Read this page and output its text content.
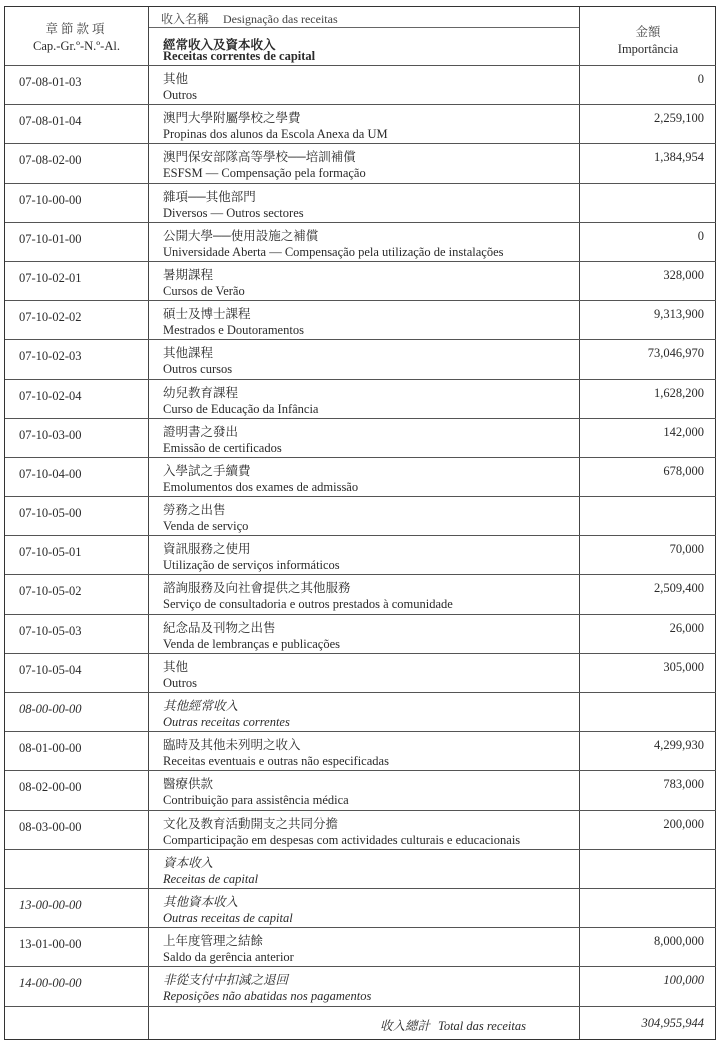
章節款項
Cap.-Gr.º-N.º-Al.
收入名稱 Designação das receitas
經常收入及資本收入
Receitas correntes de capital
金額
Importância
07-08-01-03	其他
Outros
0
07-08-01-04	澳門大學附屬學校之學費
Propinas dos alunos da Escola Anexa da UM
2,259,100
07-08-02-00	澳門保安部隊高等學校──培訓補償
ESFSM — Compensação pela formação
1,384,954
07-10-00-00	雜項──其他部門
Diversos — Outros sectores
07-10-01-00	公開大學──使用設施之補償
Universidade Aberta — Compensação pela utilização de instalações
0
07-10-02-01	暑期課程
Cursos de Verão
328,000
07-10-02-02	碩士及博士課程
Mestrados e Doutoramentos
9,313,900
07-10-02-03	其他課程
Outros cursos
73,046,970
07-10-02-04	幼兒教育課程
Curso de Educação da Infância
1,628,200
07-10-03-00	證明書之發出
Emissão de certificados
142,000
07-10-04-00	入學試之手續費
Emolumentos dos exames de admissão
678,000
07-10-05-00	勞務之出售
Venda de serviço
07-10-05-01	資訊服務之使用
Utilização de serviços informáticos
70,000
07-10-05-02	諮詢服務及向社會提供之其他服務
Serviço de consultadoria e outros prestados à comunidade
2,509,400
07-10-05-03	紀念品及刊物之出售
Venda de lembranças e publicações
26,000
07-10-05-04	其他
Outros
305,000
08-00-00-00	其他經常收入
Outras receitas correntes
08-01-00-00	臨時及其他未列明之收入
Receitas eventuais e outras não especificadas
4,299,930
08-02-00-00	醫療供款
Contribuição para assistência médica
783,000
08-03-00-00	文化及教育活動開支之共同分擔
Comparticipação em despesas com actividades culturais e educacionais
200,000
資本收入
Receitas de capital
13-00-00-00	其他資本收入
Outras receitas de capital
13-01-00-00	上年度管理之結餘
Saldo da gerência anterior
8,000,000
14-00-00-00	非從支付中扣減之退回
Reposições não abatidas nos pagamentos
100,000
收入總計 Total das receitas	304,955,944
